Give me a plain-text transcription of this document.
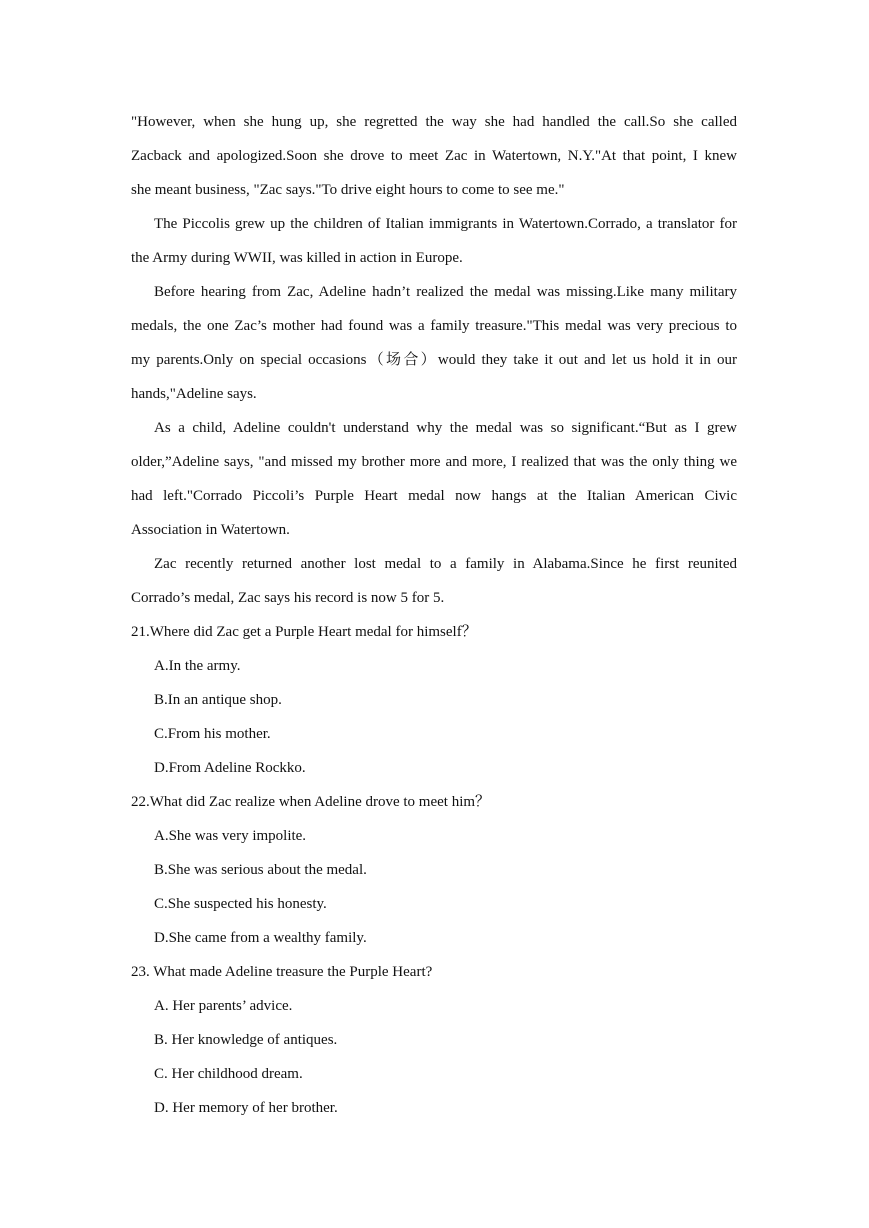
"However, when she hung up, she regretted the way she had handled the call.So she called
Zacback and apologized.Soon she drove to meet Zac in Watertown, N.Y."At that point, I knew
she meant business, "Zac says."To drive eight hours to come to see me."
The Piccolis grew up the children of Italian immigrants in Watertown.Corrado, a translator for
the Army during WWII, was killed in action in Europe.
Before hearing from Zac, Adeline hadn’t realized the medal was missing.Like many military
medals, the one Zac’s mother had found was a family treasure."This medal was very precious to
my parents.Only on special occasions（场合）would they take it out and let us hold it in our
hands,"Adeline says.
As a child, Adeline couldn't understand why the medal was so significant.“But as I grew
older,”Adeline says, "and missed my brother more and more, I realized that was the only thing we
had left."Corrado Piccoli’s Purple Heart medal now hangs at the Italian American Civic
Association in Watertown.
Zac recently returned another lost medal to a family in Alabama.Since he first reunited
Corrado’s medal, Zac says his record is now 5 for 5.
21.Where did Zac get a Purple Heart medal for himself？
A.In the army.
B.In an antique shop.
C.From his mother.
D.From Adeline Rockko.
22.What did Zac realize when Adeline drove to meet him？
A.She was very impolite.
B.She was serious about the medal.
C.She suspected his honesty.
D.She came from a wealthy family.
23. What made Adeline treasure the Purple Heart?
A. Her parents’ advice.
B. Her knowledge of antiques.
C. Her childhood dream.
D. Her memory of her brother.
